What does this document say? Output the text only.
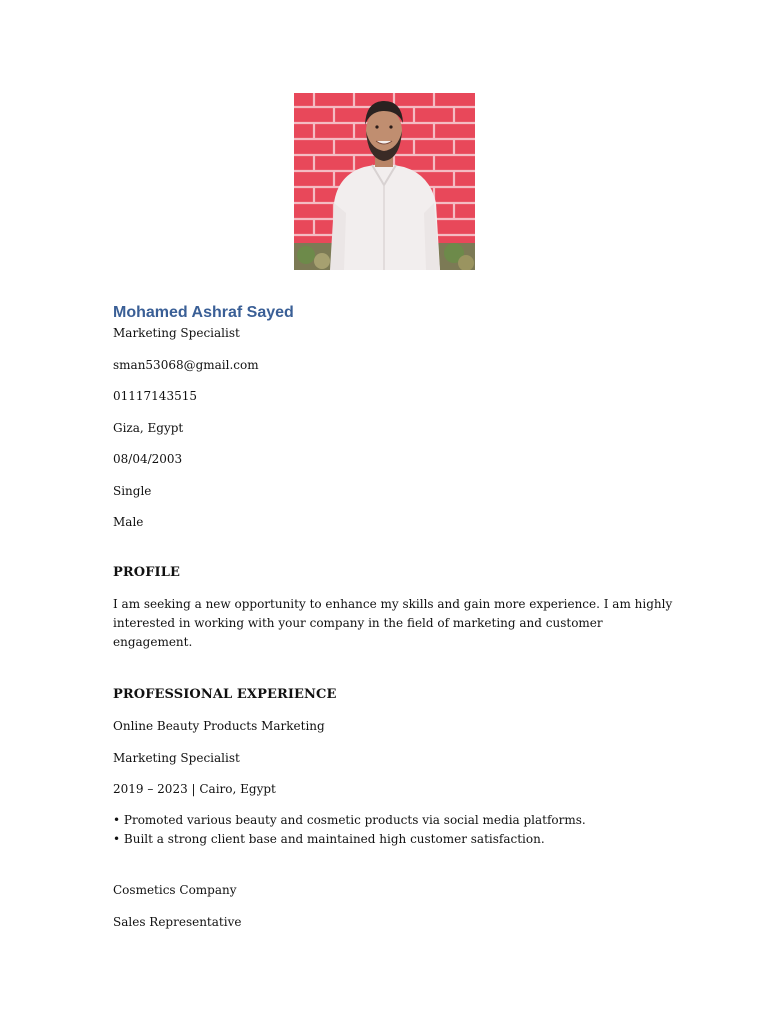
Mohamed Ashraf Sayed

Marketing Specialist

sman53068@gmail.com

01117143515

Giza, Egypt

08/04/2003

Single

Male

PROFILE

I am seeking a new opportunity to enhance my skills and gain more experience. I am highly interested in working with your company in the field of marketing and customer engagement.

PROFESSIONAL EXPERIENCE

Online Beauty Products Marketing

Marketing Specialist

2019 – 2023 | Cairo, Egypt

• Promoted various beauty and cosmetic products via social media platforms.
• Built a strong client base and maintained high customer satisfaction.

Cosmetics Company

Sales Representative
